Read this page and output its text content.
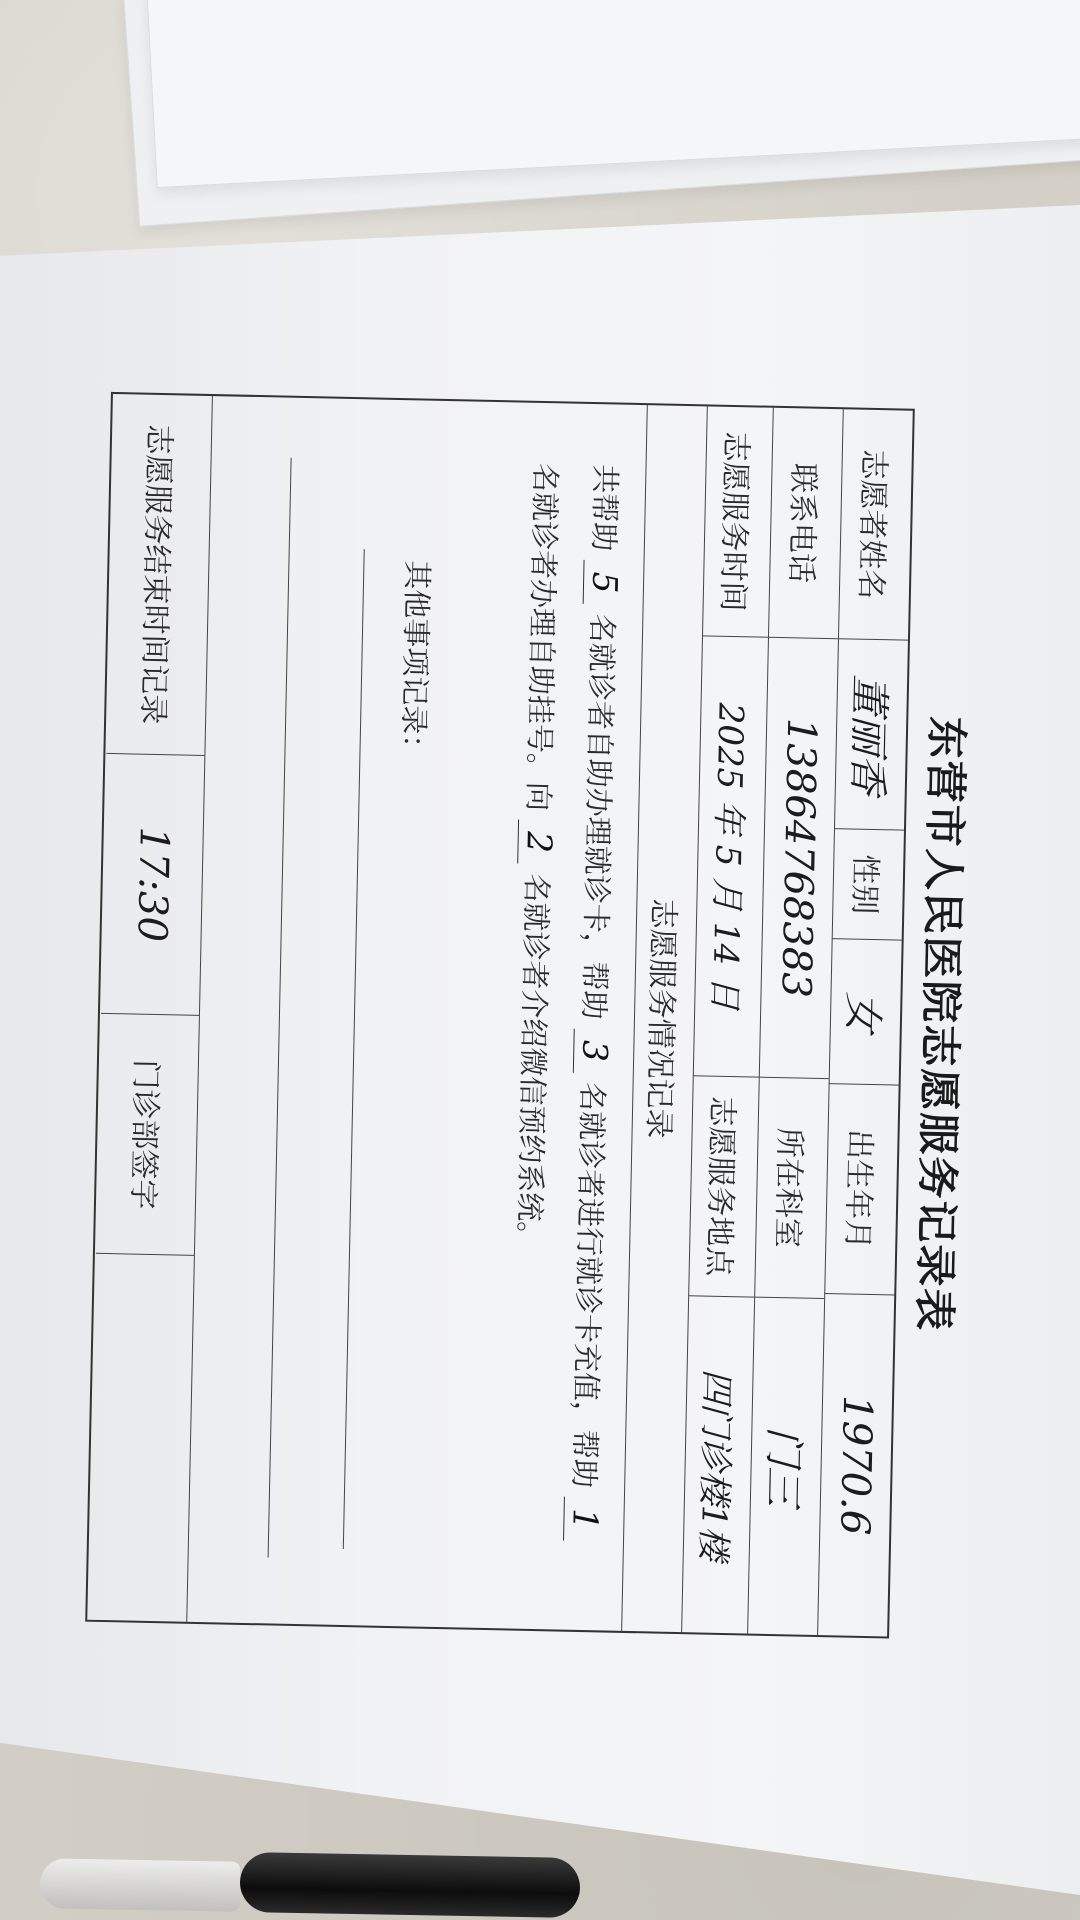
东营市人民医院志愿服务记录表
志愿者姓名
董丽香
性别
女
出生年月
1970.6
联系电话
13864768383
所在科室
门三
志愿服务时间
2025 年 5 月 14 日
志愿服务地点
四门诊楼1楼
志愿服务情况记录
共帮助 5 名就诊者自助办理就诊卡，帮助 3 名就诊者进行就诊卡充值，帮助 1 名就诊者办理自助挂号。向 2 名就诊者介绍微信预约系统。
其他事项记录：
志愿服务结束时间记录
17:30
门诊部签字
